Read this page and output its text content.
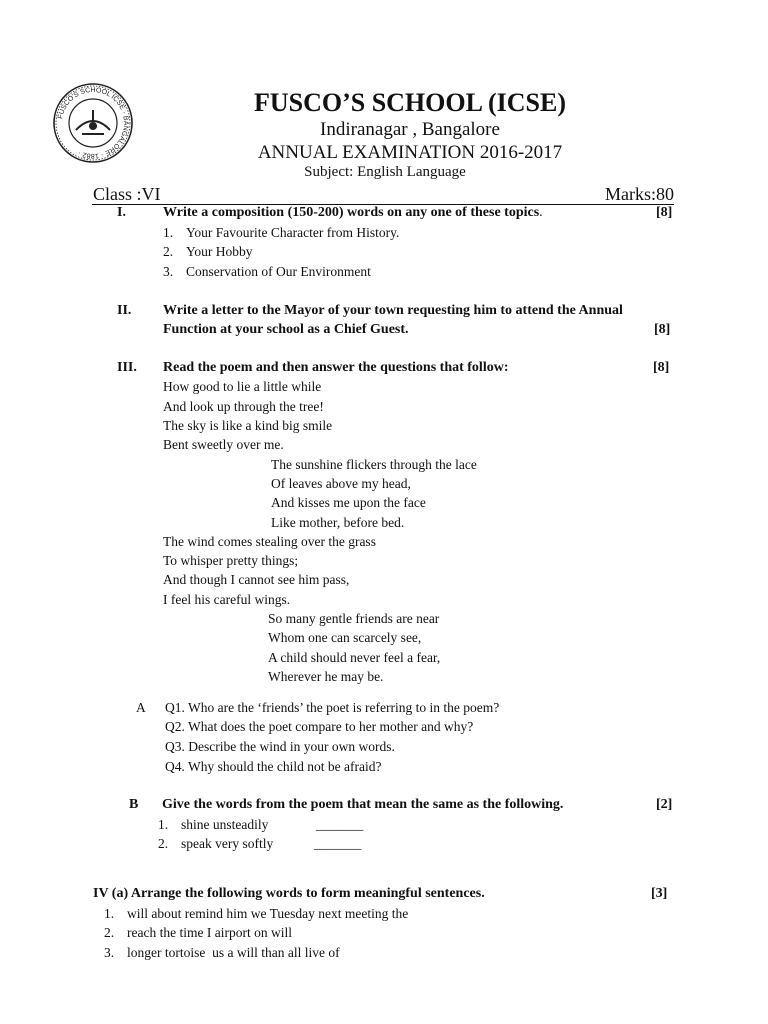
FUSCO'S SCHOOL ICSE · BANGALORE · 1882 ·
FUSCO’S SCHOOL (ICSE)
Indiranagar , Bangalore
ANNUAL EXAMINATION 2016-2017
Subject: English Language
Class :VI	Marks:80
I.	Write a composition (150-200) words on any one of these topics.	[8]
1. Your Favourite Character from History.
2. Your Hobby
3. Conservation of Our Environment
II. Write a letter to the Mayor of your town requesting him to attend the Annual
Function at your school as a Chief Guest.	[8]
III. Read the poem and then answer the questions that follow:	[8]
How good to lie a little while
And look up through the tree!
The sky is like a kind big smile
Bent sweetly over me.
The sunshine flickers through the lace
Of leaves above my head,
And kisses me upon the face
Like mother, before bed.
The wind comes stealing over the grass
To whisper pretty things;
And though I cannot see him pass,
I feel his careful wings.
So many gentle friends are near
Whom one can scarcely see,
A child should never feel a fear,
Wherever he may be.
A Q1. Who are the ‘friends’ the poet is referring to in the poem?
Q2. What does the poet compare to her mother and why?
Q3. Describe the wind in your own words.
Q4. Why should the child not be afraid?
B Give the words from the poem that mean the same as the following.	[2]
1. shine unsteadily	_______
2. speak very softly	_______
IV (a) Arrange the following words to form meaningful sentences.	[3]
1. will about remind him we Tuesday next meeting the
2. reach the time I airport on will
3. longer tortoise  us a will than all live of
